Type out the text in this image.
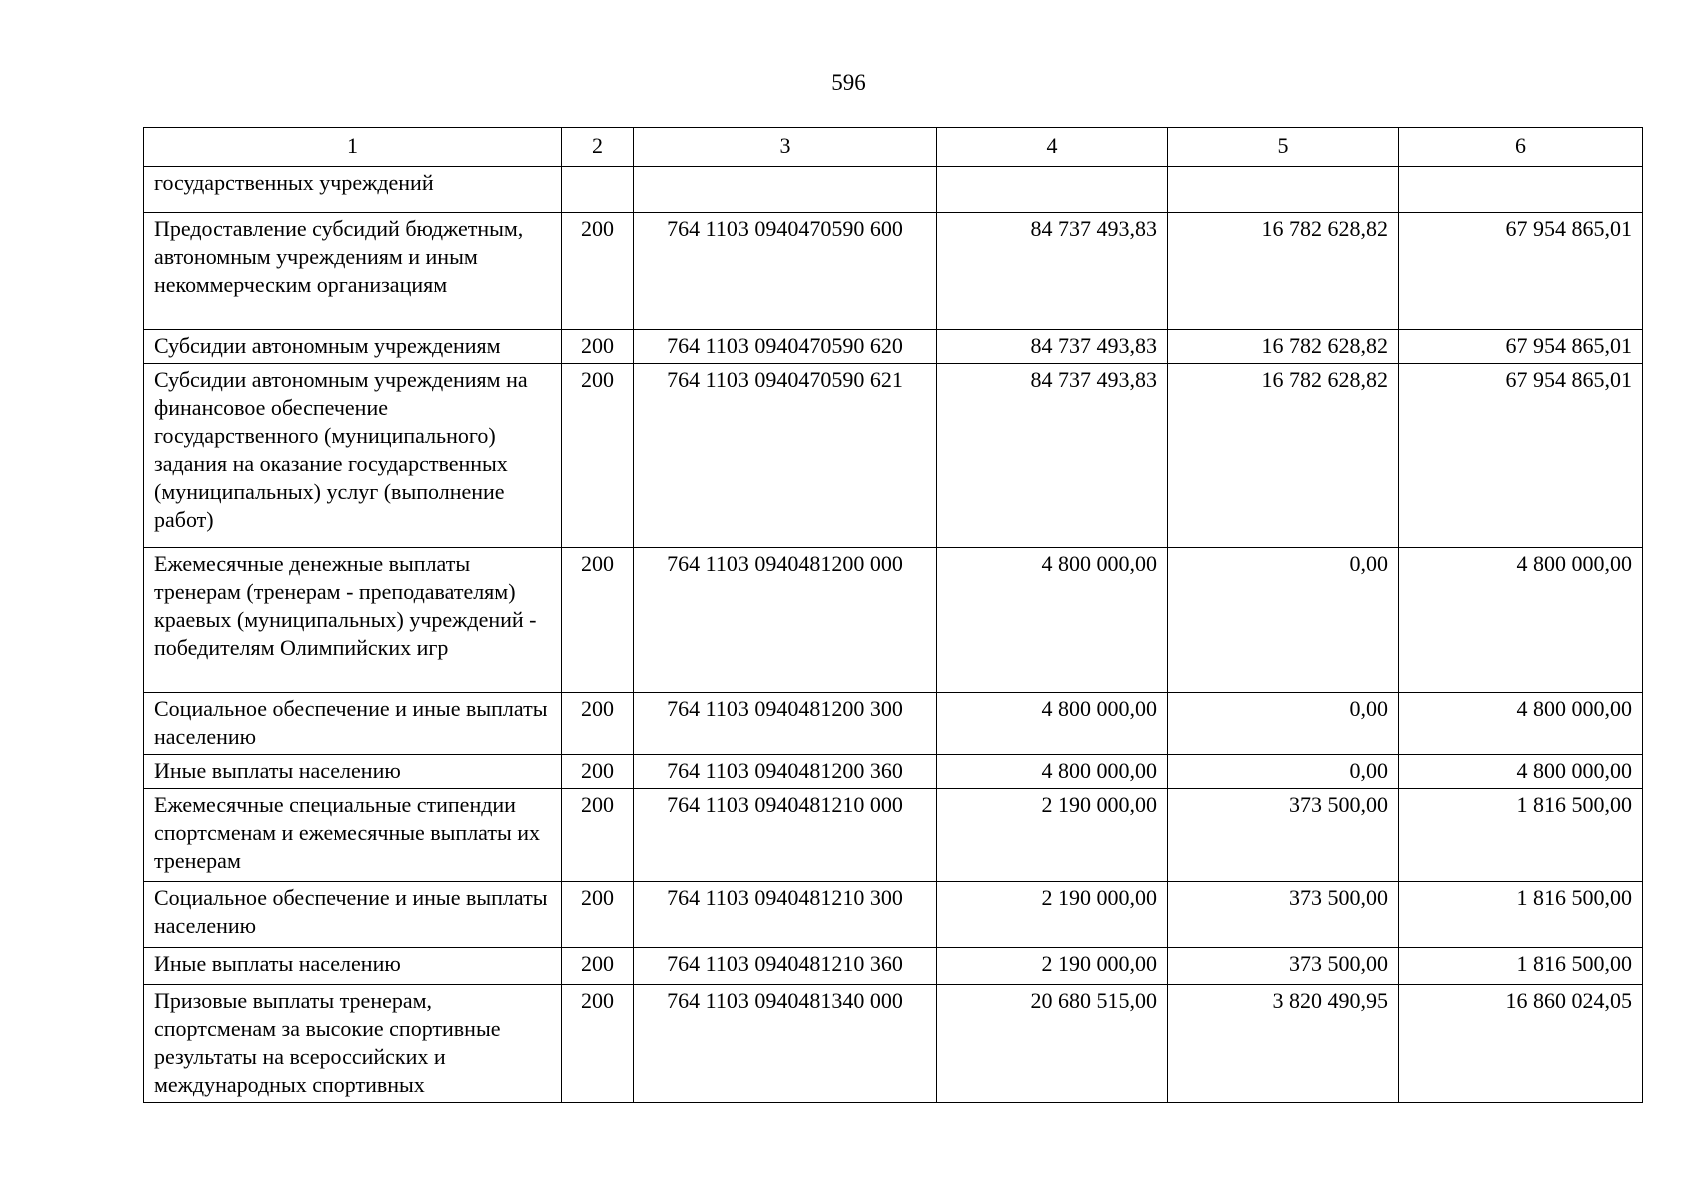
596
1	2	3	4	5	6
государственных учреждений					
Предоставление субсидий бюджетным, автономным учреждениям и иным некоммерческим организациям	200	764 1103 0940470590 600	84 737 493,83	16 782 628,82	67 954 865,01
Субсидии автономным учреждениям	200	764 1103 0940470590 620	84 737 493,83	16 782 628,82	67 954 865,01
Субсидии автономным учреждениям на финансовое обеспечение государственного (муниципального) задания на оказание государственных (муниципальных) услуг (выполнение работ)	200	764 1103 0940470590 621	84 737 493,83	16 782 628,82	67 954 865,01
Ежемесячные денежные выплаты тренерам (тренерам - преподавателям) краевых (муниципальных) учреждений - победителям Олимпийских игр	200	764 1103 0940481200 000	4 800 000,00	0,00	4 800 000,00
Социальное обеспечение и иные выплаты населению	200	764 1103 0940481200 300	4 800 000,00	0,00	4 800 000,00
Иные выплаты населению	200	764 1103 0940481200 360	4 800 000,00	0,00	4 800 000,00
Ежемесячные специальные стипендии спортсменам и ежемесячные выплаты их тренерам	200	764 1103 0940481210 000	2 190 000,00	373 500,00	1 816 500,00
Социальное обеспечение и иные выплаты населению	200	764 1103 0940481210 300	2 190 000,00	373 500,00	1 816 500,00
Иные выплаты населению	200	764 1103 0940481210 360	2 190 000,00	373 500,00	1 816 500,00
Призовые выплаты тренерам, спортсменам за высокие спортивные результаты на всероссийских и международных спортивных	200	764 1103 0940481340 000	20 680 515,00	3 820 490,95	16 860 024,05
